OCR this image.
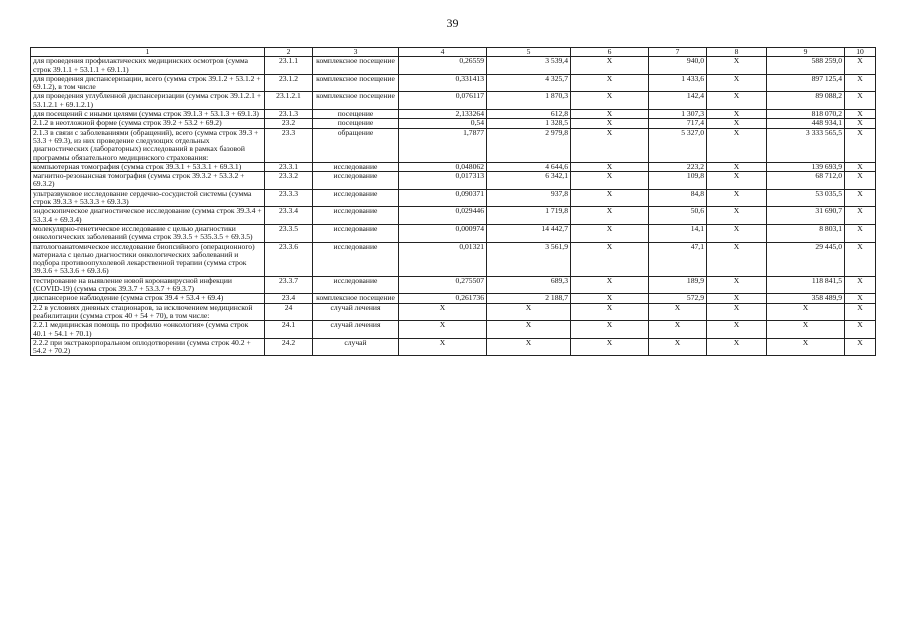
39
1	2	3	4	5	6	7	8	9	10
для проведения профилактических медицинских осмотров (сумма строк 39.1.1 + 53.1.1 + 69.1.1)	23.1.1	комплексное посещение	0,26559	3 539,4	X	940,0	X	588 259,0	X
для проведения диспансеризации, всего (сумма строк 39.1.2 + 53.1.2 + 69.1.2), в том числе	23.1.2	комплексное посещение	0,331413	4 325,7	X	1 433,6	X	897 125,4	X
для проведения углубленной диспансеризации (сумма строк 39.1.2.1 + 53.1.2.1 + 69.1.2.1)	23.1.2.1	комплексное посещение	0,076117	1 870,3	X	142,4	X	89 088,2	X
для посещений с иными целями (сумма строк 39.1.3 + 53.1.3 + 69.1.3)	23.1.3	посещение	2,133264	612,8	X	1 307,3	X	818 070,2	X
2.1.2 в неотложной форме (сумма строк 39.2 + 53.2 + 69.2)	23.2	посещение	0,54	1 328,5	X	717,4	X	448 934,1	X
2.1.3 в связи с заболеваниями (обращений), всего (сумма строк 39.3 + 53.3 + 69.3), из них проведение следующих отдельных диагностических (лабораторных) исследований в рамках базовой программы обязательного медицинского страхования:	23.3	обращение	1,7877	2 979,8	X	5 327,0	X	3 333 565,5	X
компьютерная томография (сумма строк 39.3.1 + 53.3.1 + 69.3.1)	23.3.1	исследование	0,048062	4 644,6	X	223,2	X	139 693,9	X
магнитно-резонансная томография (сумма строк 39.3.2 + 53.3.2 + 69.3.2)	23.3.2	исследование	0,017313	6 342,1	X	109,8	X	68 712,0	X
ультразвуковое исследование сердечно-сосудистой системы (сумма строк 39.3.3 + 53.3.3 + 69.3.3)	23.3.3	исследование	0,090371	937,8	X	84,8	X	53 035,5	X
эндоскопическое диагностическое исследование (сумма строк 39.3.4 + 53.3.4 + 69.3.4)	23.3.4	исследование	0,029446	1 719,8	X	50,6	X	31 690,7	X
молекулярно-генетическое исследование с целью диагностики онкологических заболеваний (сумма строк 39.3.5 + 535.3.5 + 69.3.5)	23.3.5	исследование	0,000974	14 442,7	X	14,1	X	8 803,1	X
патологоанатомическое исследование биопсийного (операционного) материала с целью диагностики онкологических заболеваний и подбора противоопухолевой лекарственной терапии (сумма строк 39.3.6 + 53.3.6 + 69.3.6)	23.3.6	исследование	0,01321	3 561,9	X	47,1	X	29 445,0	X
тестирование на выявление новой коронавирусной инфекции (COVID-19) (сумма строк 39.3.7 + 53.3.7 + 69.3.7)	23.3.7	исследование	0,275507	689,3	X	189,9	X	118 841,5	X
диспансерное наблюдение (сумма строк 39.4 + 53.4 + 69.4)	23.4	комплексное посещение	0,261736	2 188,7	X	572,9	X	358 489,9	X
2.2 в условиях дневных стационаров, за исключением медицинской реабилитации (сумма строк 40 + 54 + 70), в том числе:	24	случай лечения	X	X	X	X	X	X	X
2.2.1 медицинская помощь по профилю «онкология» (сумма строк 40.1 + 54.1 + 70.1)	24.1	случай лечения	X	X	X	X	X	X	X
2.2.2 при экстракорпоральном оплодотворении (сумма строк 40.2 + 54.2 + 70.2)	24.2	случай	X	X	X	X	X	X	X
